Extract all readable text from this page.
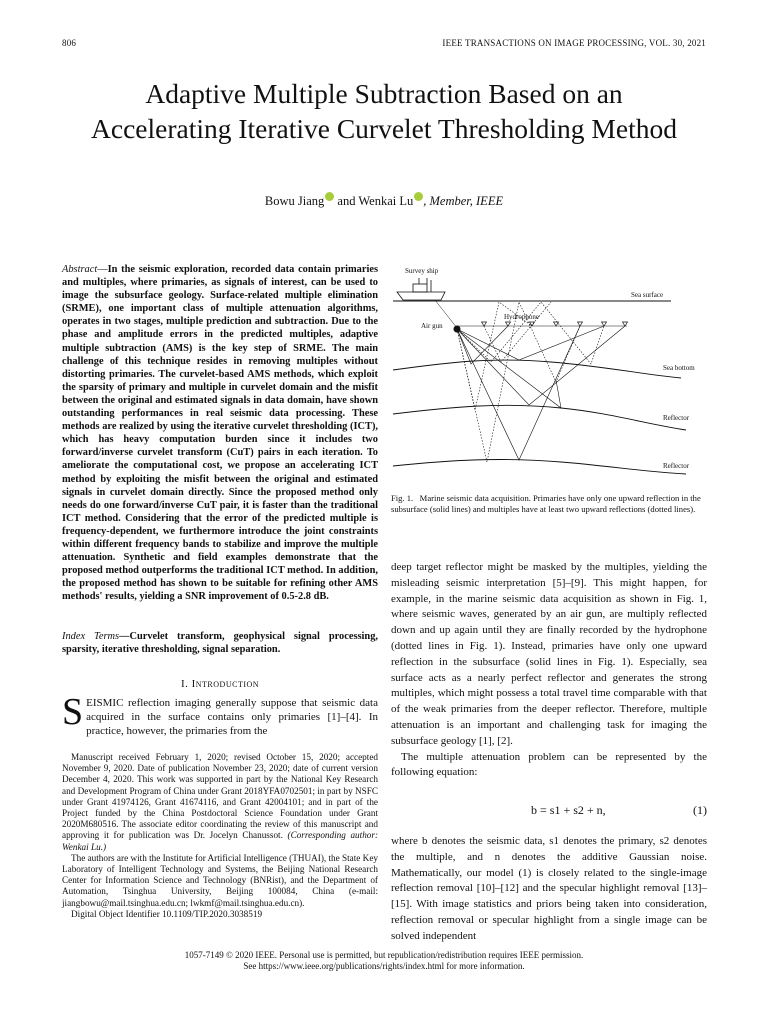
806	IEEE TRANSACTIONS ON IMAGE PROCESSING, VOL. 30, 2021
Adaptive Multiple Subtraction Based on an Accelerating Iterative Curvelet Thresholding Method
Bowu Jiang and Wenkai Lu , Member, IEEE
Abstract—In the seismic exploration, recorded data contain primaries and multiples, where primaries, as signals of interest, can be used to image the subsurface geology. Surface-related multiple elimination (SRME), one important class of multiple attenuation algorithms, operates in two stages, multiple prediction and subtraction. Due to the phase and amplitude errors in the predicted multiples, adaptive multiple subtraction (AMS) is the key step of SRME. The main challenge of this technique resides in removing multiples without distorting primaries. The curvelet-based AMS methods, which exploit the sparsity of primary and multiple in curvelet domain and the misfit between the original and estimated signals in data domain, have shown outstanding performances in real seismic data processing. These methods are realized by using the iterative curvelet thresholding (ICT), which has heavy computation burden since it includes two forward/inverse curvelet transform (CuT) pairs in each iteration. To ameliorate the computational cost, we propose an accelerating ICT method by exploiting the misfit between the original and estimated signals in curvelet domain directly. Since the proposed method only needs do one forward/inverse CuT pair, it is faster than the traditional ICT method. Considering that the error of the predicted multiple is frequency-dependent, we furthermore introduce the joint constraints within different frequency bands to stabilize and improve the multiple attenuation. Synthetic and field examples demonstrate that the proposed method outperforms the traditional ICT method. In addition, the proposed method has shown to be suitable for refining other AMS methods' results, yielding a SNR improvement of 0.5-2.8 dB.
Index Terms—Curvelet transform, geophysical signal processing, sparsity, iterative thresholding, signal separation.
I. Introduction
SEISMIC reflection imaging generally suppose that seismic data acquired in the surface contains only primaries [1]–[4]. In practice, however, the primaries from the

Manuscript received February 1, 2020; revised October 15, 2020; accepted November 9, 2020. Date of publication November 23, 2020; date of current version December 4, 2020. This work was supported in part by the National Key Research and Development Program of China under Grant 2018YFA0702501; in part by NSFC under Grant 41974126, Grant 41674116, and Grant 42004101; and in part of the Project funded by the China Postdoctoral Science Foundation under Grant 2020M680516. The associate editor coordinating the review of this manuscript and approving it for publication was Dr. Jocelyn Chanussot. (Corresponding author: Wenkai Lu.)

The authors are with the Institute for Artificial Intelligence (THUAI), the State Key Laboratory of Intelligent Technology and Systems, the Beijing National Research Center for Information Science and Technology (BNRist), and the Department of Automation, Tsinghua University, Beijing 100084, China (e-mail: jiangbowu@mail.tsinghua.edu.cn; lwkmf@mail.tsinghua.edu.cn).

Digital Object Identifier 10.1109/TIP.2020.3038519

Survey ship
Sea surface
Hydrophone
Air gun
Sea bottom
Reflector
Reflector
Fig. 1. Marine seismic data acquisition. Primaries have only one upward reflection in the subsurface (solid lines) and multiples have at least two upward reflections (dotted lines).

deep target reflector might be masked by the multiples, yielding the misleading seismic interpretation [5]–[9]. This might happen, for example, in the marine seismic data acquisition as shown in Fig. 1, where seismic waves, generated by an air gun, are multiply reflected down and up again until they are finally recorded by the hydrophone (dotted lines in Fig. 1). Instead, primaries have only one upward reflection in the subsurface (solid lines in Fig. 1). Especially, sea surface acts as a nearly perfect reflector and generates the strong multiples, which might possess a total travel time comparable with that of the weak primaries from the deeper reflector. Therefore, multiple attenuation is an important and challenging task for imaging the subsurface geology [1], [2].

The multiple attenuation problem can be represented by the following equation:

b = s1 + s2 + n,	(1)
where b denotes the seismic data, s1 denotes the primary, s2 denotes the multiple, and n denotes the additive Gaussian noise. Mathematically, our model (1) is closely related to the single-image reflection removal [10]–[12] and the specular highlight removal [13]–[15]. With image statistics and priors being taken into consideration, reflection removal or specular highlight from a single image can be solved independent
1057-7149 © 2020 IEEE. Personal use is permitted, but republication/redistribution requires IEEE permission.
See https://www.ieee.org/publications/rights/index.html for more information.
